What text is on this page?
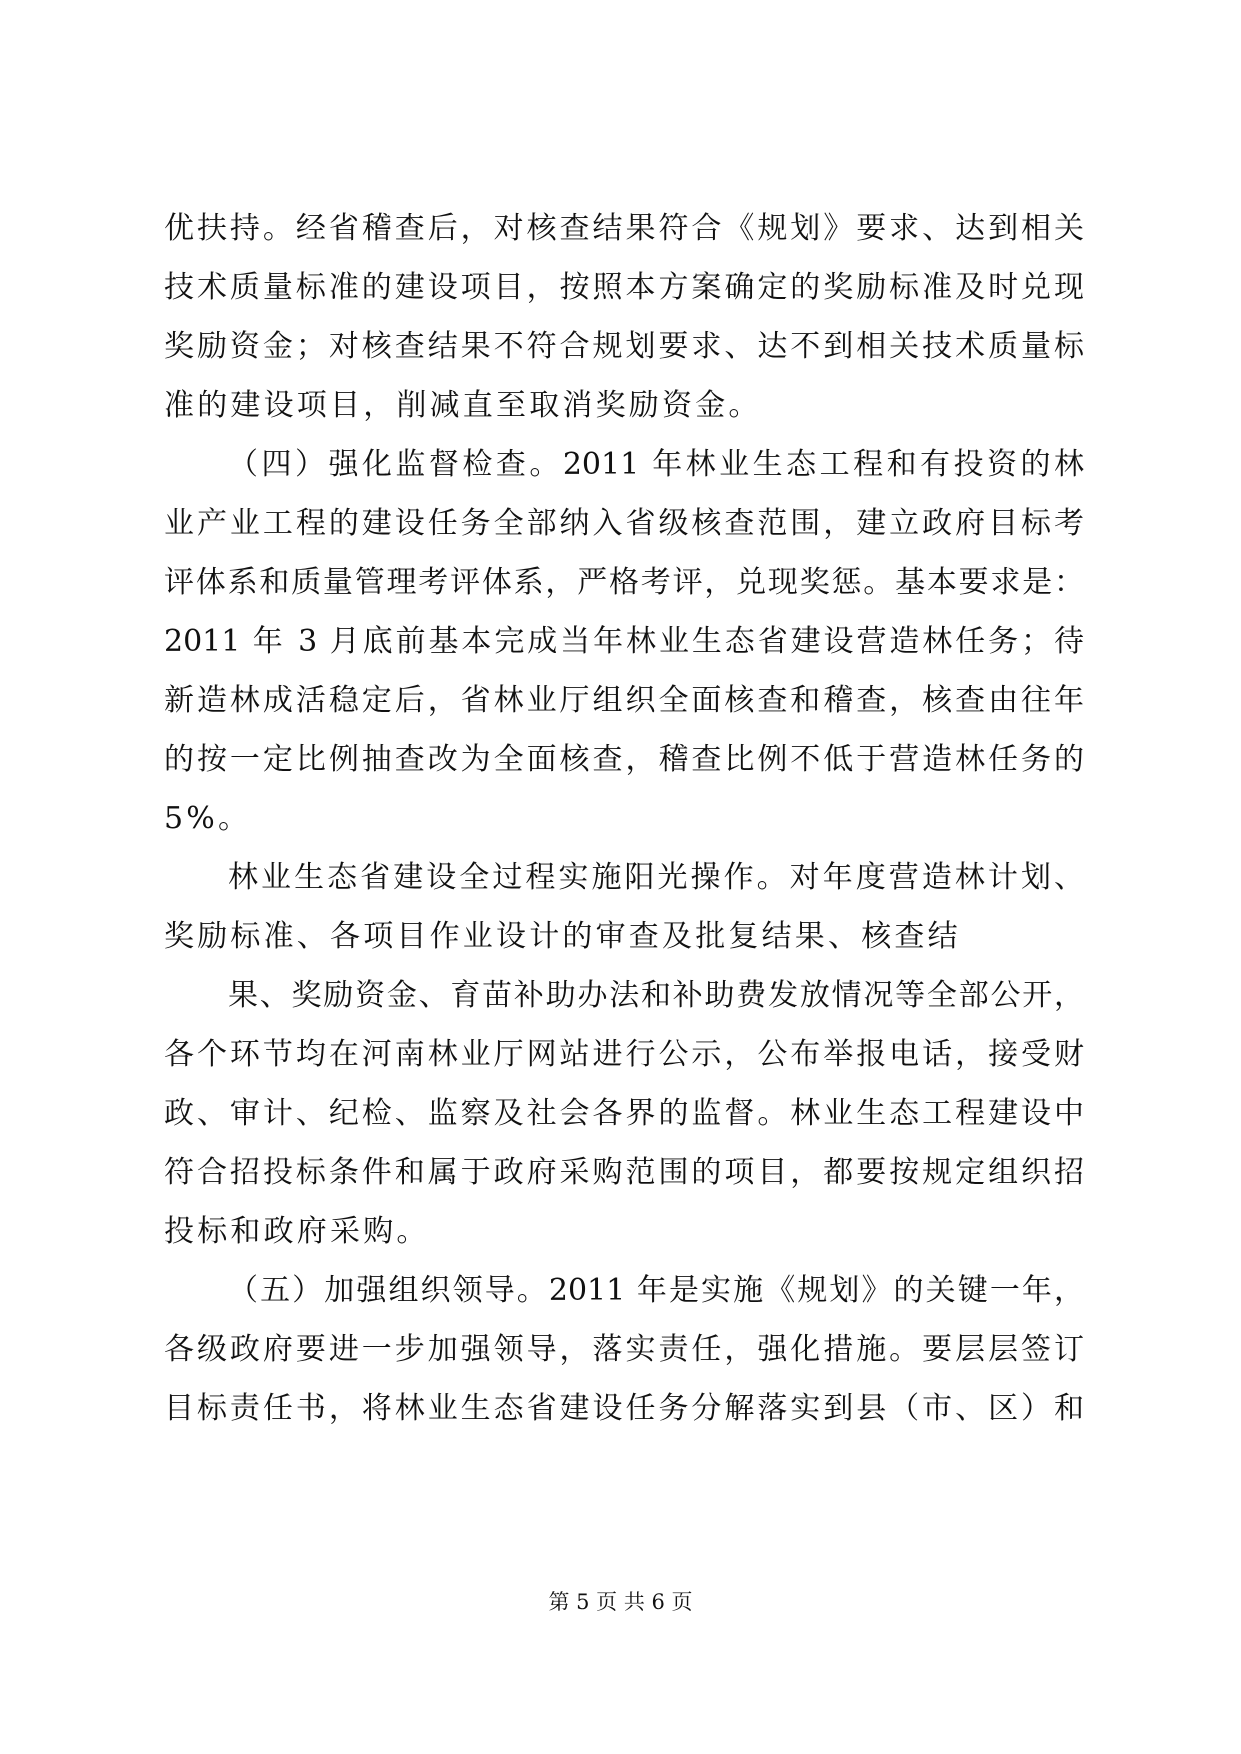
优扶持。经省稽查后，对核查结果符合《规划》要求、达到相关
技术质量标准的建设项目，按照本方案确定的奖励标准及时兑现
奖励资金；对核查结果不符合规划要求、达不到相关技术质量标
准的建设项目，削减直至取消奖励资金。
（四）强化监督检查。2011 年林业生态工程和有投资的林
业产业工程的建设任务全部纳入省级核查范围，建立政府目标考
评体系和质量管理考评体系，严格考评，兑现奖惩。基本要求是：
2011 年 3 月底前基本完成当年林业生态省建设营造林任务；待
新造林成活稳定后，省林业厅组织全面核查和稽查，核查由往年
的按一定比例抽查改为全面核查，稽查比例不低于营造林任务的
5%。
林业生态省建设全过程实施阳光操作。对年度营造林计划、
奖励标准、各项目作业设计的审查及批复结果、核查结
果、奖励资金、育苗补助办法和补助费发放情况等全部公开，
各个环节均在河南林业厅网站进行公示，公布举报电话，接受财
政、审计、纪检、监察及社会各界的监督。林业生态工程建设中
符合招投标条件和属于政府采购范围的项目，都要按规定组织招
投标和政府采购。
（五）加强组织领导。2011 年是实施《规划》的关键一年，
各级政府要进一步加强领导，落实责任，强化措施。要层层签订
目标责任书，将林业生态省建设任务分解落实到县（市、区）和
第 5 页 共 6 页
